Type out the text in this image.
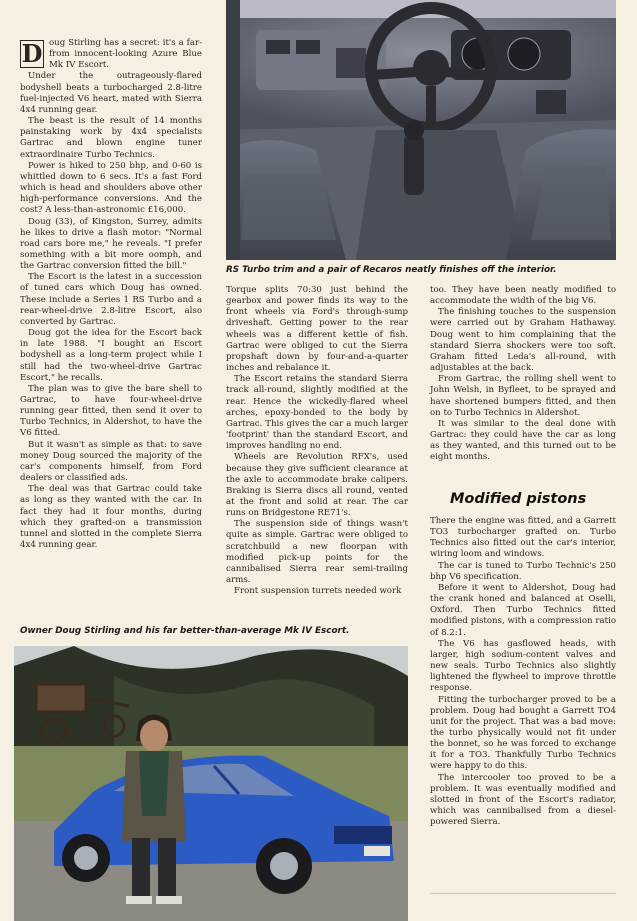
D oug Stirling has a secret: it's a far-from innocent-looking Azure Blue Mk IV Escort.

Under the outrageously-flared bodyshell beats a turbocharged 2.8-litre fuel-injected V6 heart, mated with Sierra 4x4 running gear.

The beast is the result of 14 months painstaking work by 4x4 specialists Gartrac and blown engine tuner extraordinaire Turbo Technics.

Power is hiked to 250 bhp, and 0-60 is whittled down to 6 secs. It's a fast Ford which is head and shoulders above other high-performance conversions. And the cost? A less-than-astronomic £16,000.

Doug (33), of Kingston, Surrey, admits he likes to drive a flash motor: "Normal road cars bore me," he reveals. "I prefer something with a bit more oomph, and the Gartrac conversion fitted the bill."

The Escort is the latest in a succession of tuned cars which Doug has owned. These include a Series 1 RS Turbo and a rear-wheel-drive 2.8-litre Escort, also converted by Gartrac.

Doug got the idea for the Escort back in late 1988. "I bought an Escort bodyshell as a long-term project while I still had the two-wheel-drive Gartrac Escort," he recalls.

The plan was to give the bare shell to Gartrac, to have four-wheel-drive running gear fitted, then send it over to Turbo Technics, in Aldershot, to have the V6 fitted.

But it wasn't as simple as that: to save money Doug sourced the majority of the car's components himself, from Ford dealers or classified ads.

The deal was that Gartrac could take as long as they wanted with the car. In fact they had it four months, during which they grafted-on a transmission tunnel and slotted in the complete Sierra 4x4 running gear.

RS Turbo trim and a pair of Recaros neatly finishes off the interior.

Torque splits 70:30 just behind the gearbox and power finds its way to the front wheels via Ford's through-sump driveshaft. Getting power to the rear wheels was a different kettle of fish. Gartrac were obliged to cut the Sierra propshaft down by four-and-a-quarter inches and rebalance it.

The Escort retains the standard Sierra track all-round, slightly modified at the rear. Hence the wickedly-flared wheel arches, epoxy-bonded to the body by Gartrac. This gives the car a much larger 'footprint' than the standard Escort, and improves handling no end.

Wheels are Revolution RFX's, used because they give sufficient clearance at the axle to accommodate brake calipers. Braking is Sierra discs all round, vented at the front and solid at rear. The car runs on Bridgestone RE71's.

The suspension side of things wasn't quite as simple. Gartrac were obliged to scratchbuild a new floorpan with modified pick-up points for the cannibalised Sierra rear semi-trailing arms.

Front suspension turrets needed work

too. They have been neatly modified to accommodate the width of the big V6.

The finishing touches to the suspension were carried out by Graham Hathaway. Doug went to him complaining that the standard Sierra shockers were too soft. Graham fitted Leda's all-round, with adjustables at the back.

From Gartrac, the rolling shell went to John Welsh, in Byfleet, to be sprayed and have shortened bumpers fitted, and then on to Turbo Technics in Aldershot.

It was similar to the deal done with Gartrac: they could have the car as long as they wanted, and this turned out to be eight months.

Modified pistons

There the engine was fitted, and a Garrett TO3 turbocharger grafted on. Turbo Technics also fitted out the car's interior, wiring loom and windows.

The car is tuned to Turbo Technic's 250 bhp V6 specification.

Before it went to Aldershot, Doug had the crank honed and balanced at Oselli, Oxford. Then Turbo Technics fitted modified pistons, with a compression ratio of 8.2:1.

The V6 has gasflowed heads, with larger, high sodium-content valves and new seals. Turbo Technics also slightly lightened the flywheel to improve throttle response.

Fitting the turbocharger proved to be a problem. Doug had bought a Garrett TO4 unit for the project. That was a bad move: the turbo physically would not fit under the bonnet, so he was forced to exchange it for a TO3. Thankfully Turbo Technics were happy to do this.

The intercooler too proved to be a problem. It was eventually modified and slotted in front of the Escort's radiator, which was cannibalised from a diesel-powered Sierra.

Owner Doug Stirling and his far better-than-average Mk IV Escort.
